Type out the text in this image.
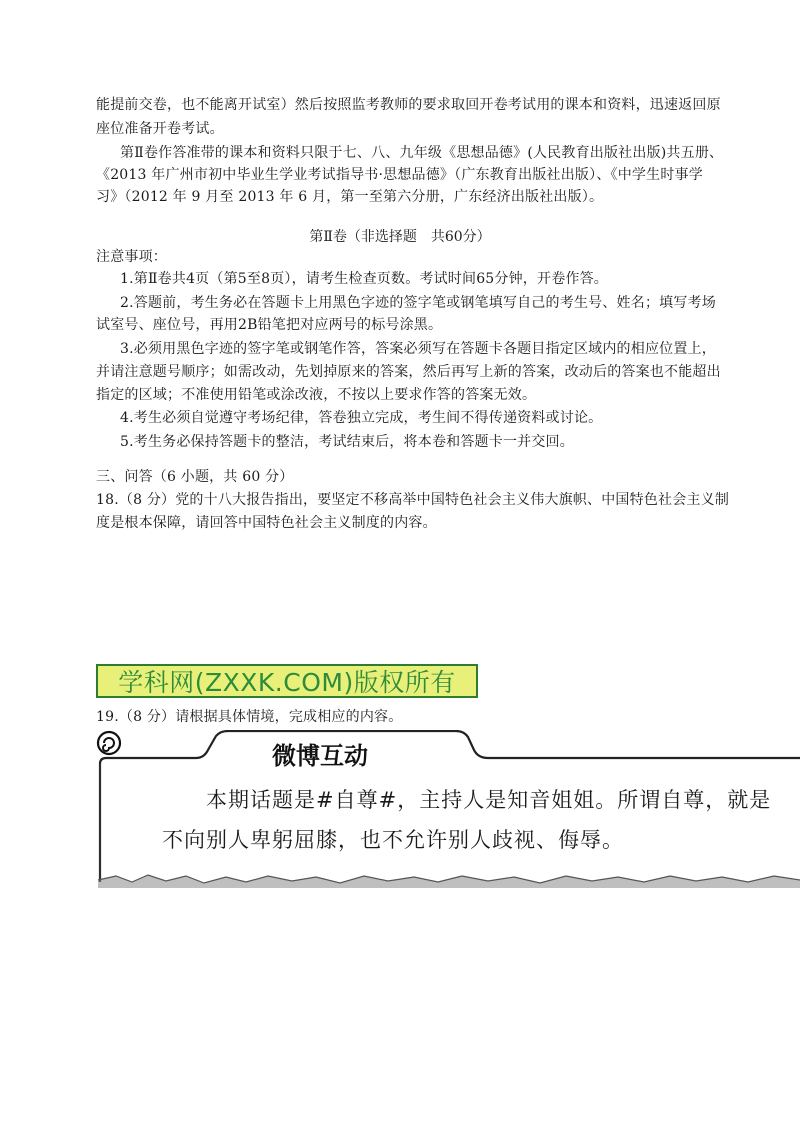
能提前交卷，也不能离开试室）然后按照监考教师的要求取回开卷考试用的课本和资料，迅速返回原
座位准备开卷考试。
第Ⅱ卷作答准带的课本和资料只限于七、八、九年级《思想品德》(人民教育出版社出版)共五册、
《2013 年广州市初中毕业生学业考试指导书·思想品德》（广东教育出版社出版）、《中学生时事学
习》（2012 年 9 月至 2013 年 6 月，第一至第六分册，广东经济出版社出版）。
第Ⅱ卷（非选择题　共60分）
注意事项：
1.第Ⅱ卷共4页（第5至8页），请考生检查页数。考试时间65分钟，开卷作答。
2.答题前，考生务必在答题卡上用黑色字迹的签字笔或钢笔填写自己的考生号、姓名；填写考场
试室号、座位号，再用2B铅笔把对应两号的标号涂黑。
3.必须用黑色字迹的签字笔或钢笔作答，答案必须写在答题卡各题目指定区域内的相应位置上，
并请注意题号顺序；如需改动，先划掉原来的答案，然后再写上新的答案，改动后的答案也不能超出
指定的区域；不准使用铅笔或涂改液，不按以上要求作答的答案无效。
4.考生必须自觉遵守考场纪律，答卷独立完成，考生间不得传递资料或讨论。
5.考生务必保持答题卡的整洁，考试结束后，将本卷和答题卡一并交回。
三、问答（6 小题，共 60 分）
18.（8 分）党的十八大报告指出，要坚定不移高举中国特色社会主义伟大旗帜、中国特色社会主义制
度是根本保障，请回答中国特色社会主义制度的内容。
学科网(ZXXK.COM)版权所有
19.（8 分）请根据具体情境，完成相应的内容。
微博互动
本期话题是#自尊#，主持人是知音姐姐。所谓自尊，就是
不向别人卑躬屈膝，也不允许别人歧视、侮辱。
